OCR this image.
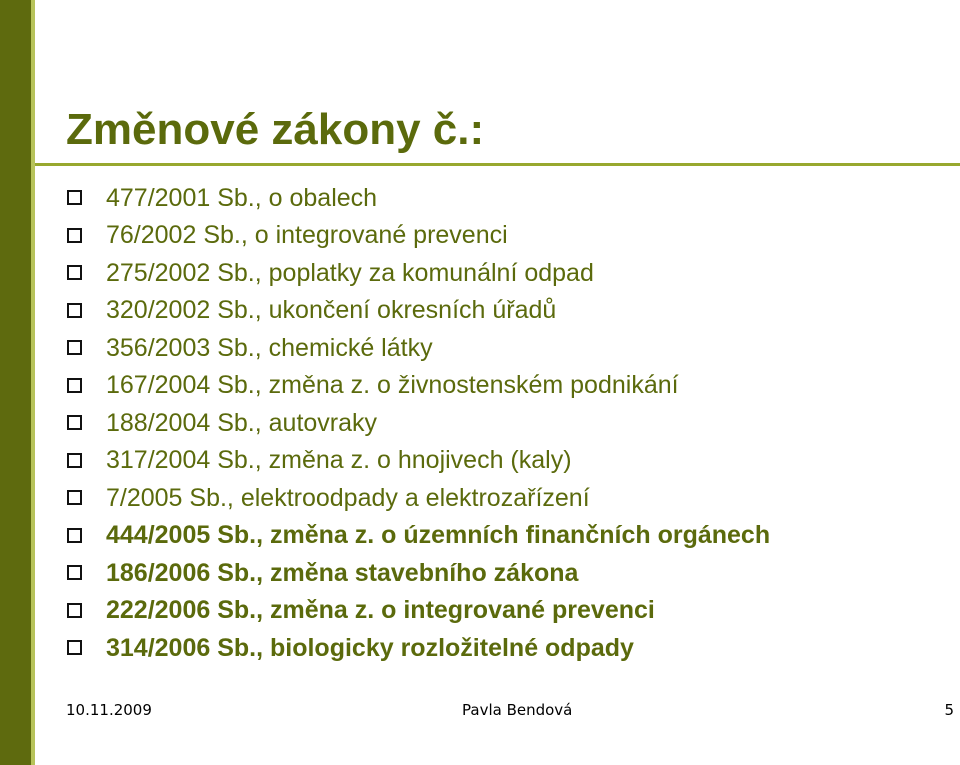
Změnové zákony č.:
477/2001 Sb., o obalech
76/2002 Sb., o integrované prevenci
275/2002 Sb., poplatky za komunální odpad
320/2002 Sb., ukončení okresních úřadů
356/2003 Sb., chemické látky
167/2004 Sb., změna z. o živnostenském podnikání
188/2004 Sb., autovraky
317/2004 Sb., změna z. o hnojivech (kaly)
7/2005 Sb., elektroodpady a elektrozařízení
444/2005 Sb., změna z. o územních finančních orgánech
186/2006 Sb., změna stavebního zákona
222/2006 Sb., změna z. o integrované prevenci
314/2006 Sb., biologicky rozložitelné odpady
10.11.2009	Pavla Bendová	5
